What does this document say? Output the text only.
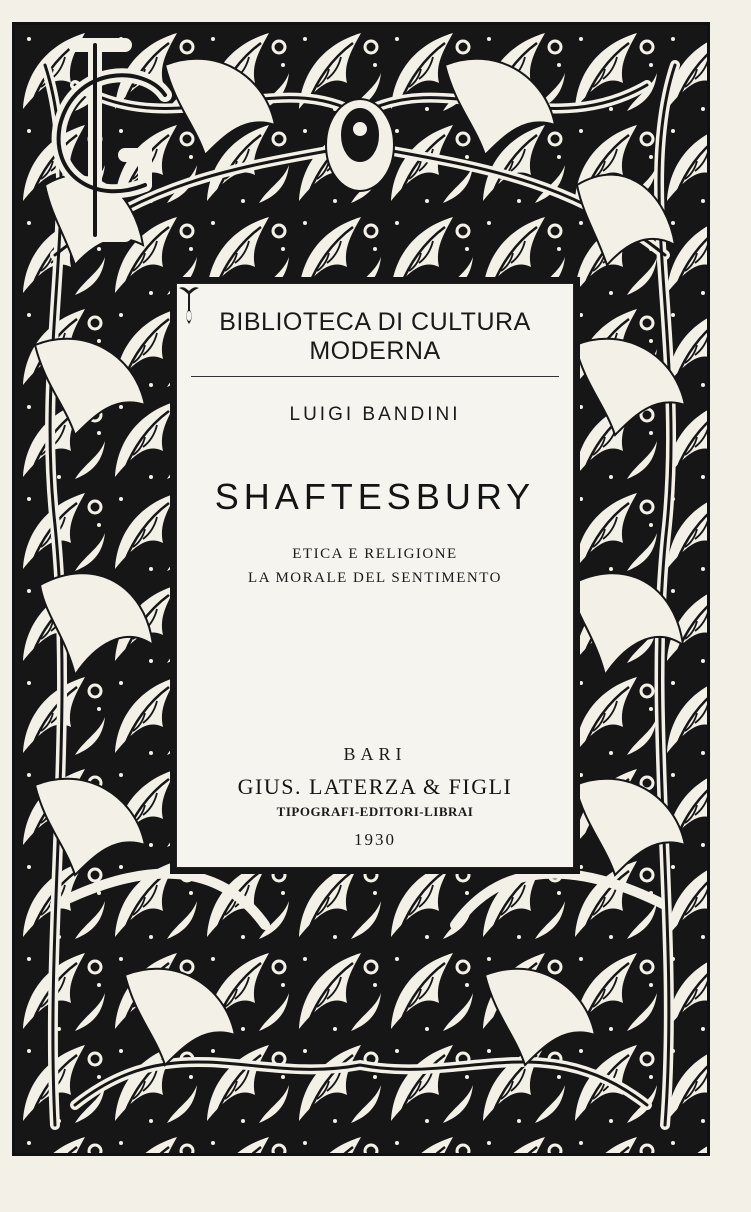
BIBLIOTECA DI CULTURA
MODERNA
LUIGI BANDINI
SHAFTESBURY
ETICA E RELIGIONE
LA MORALE DEL SENTIMENTO
BARI
GIUS. LATERZA & FIGLI
TIPOGRAFI-EDITORI-LIBRAI
1930
